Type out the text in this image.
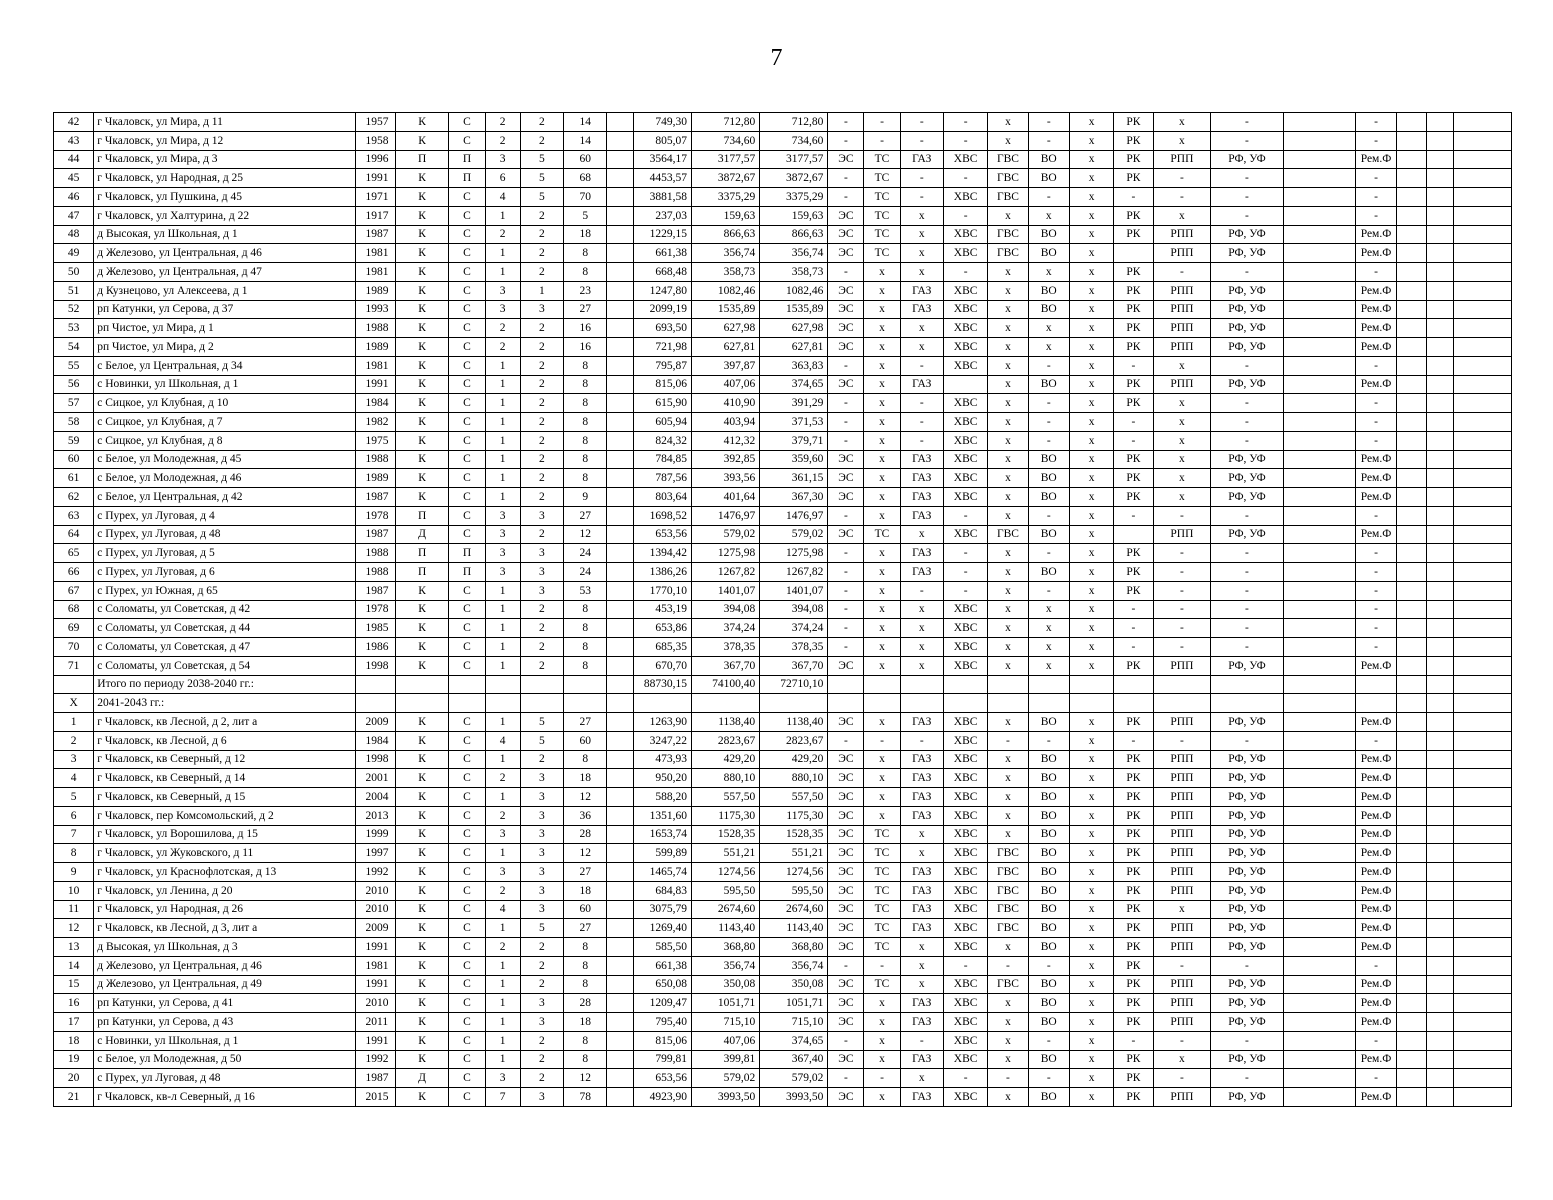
7
42	г Чкаловск, ул Мира, д 11	1957	К	С	2	2	14		749,30	712,80	712,80	-	-	-	-	х	-	х	РК	х	-		-			
43	г Чкаловск, ул Мира, д 12	1958	К	С	2	2	14		805,07	734,60	734,60	-	-	-	-	х	-	х	РК	х	-		-			
44	г Чкаловск, ул Мира, д 3	1996	П	П	3	5	60		3564,17	3177,57	3177,57	ЭС	ТС	ГАЗ	ХВС	ГВС	ВО	х	РК	РПП	РФ, УФ		Рем.Ф			
45	г Чкаловск, ул Народная, д 25	1991	К	П	6	5	68		4453,57	3872,67	3872,67	-	ТС	-	-	ГВС	ВО	х	РК	-	-		-			
46	г Чкаловск, ул Пушкина, д 45	1971	К	С	4	5	70		3881,58	3375,29	3375,29	-	ТС	-	ХВС	ГВС	-	х	-	-	-		-			
47	г Чкаловск, ул Халтурина, д 22	1917	К	С	1	2	5		237,03	159,63	159,63	ЭС	ТС	х	-	х	х	х	РК	х	-		-			
48	д Высокая, ул Школьная, д 1	1987	К	С	2	2	18		1229,15	866,63	866,63	ЭС	ТС	х	ХВС	ГВС	ВО	х	РК	РПП	РФ, УФ		Рем.Ф			
49	д Железово, ул Центральная, д 46	1981	К	С	1	2	8		661,38	356,74	356,74	ЭС	ТС	х	ХВС	ГВС	ВО	х		РПП	РФ, УФ		Рем.Ф			
50	д Железово, ул Центральная, д 47	1981	К	С	1	2	8		668,48	358,73	358,73	-	х	х	-	х	х	х	РК	-	-		-			
51	д Кузнецово, ул Алексеева, д 1	1989	К	С	3	1	23		1247,80	1082,46	1082,46	ЭС	х	ГАЗ	ХВС	х	ВО	х	РК	РПП	РФ, УФ		Рем.Ф			
52	рп Катунки, ул Серова, д 37	1993	К	С	3	3	27		2099,19	1535,89	1535,89	ЭС	х	ГАЗ	ХВС	х	ВО	х	РК	РПП	РФ, УФ		Рем.Ф			
53	рп Чистое, ул Мира, д 1	1988	К	С	2	2	16		693,50	627,98	627,98	ЭС	х	х	ХВС	х	х	х	РК	РПП	РФ, УФ		Рем.Ф			
54	рп Чистое, ул Мира, д 2	1989	К	С	2	2	16		721,98	627,81	627,81	ЭС	х	х	ХВС	х	х	х	РК	РПП	РФ, УФ		Рем.Ф			
55	с Белое, ул Центральная, д 34	1981	К	С	1	2	8		795,87	397,87	363,83	-	х	-	ХВС	х	-	х	-	х	-		-			
56	с Новинки, ул Школьная, д 1	1991	К	С	1	2	8		815,06	407,06	374,65	ЭС	х	ГАЗ		х	ВО	х	РК	РПП	РФ, УФ		Рем.Ф			
57	с Сицкое, ул Клубная, д 10	1984	К	С	1	2	8		615,90	410,90	391,29	-	х	-	ХВС	х	-	х	РК	х	-		-			
58	с Сицкое, ул Клубная, д 7	1982	К	С	1	2	8		605,94	403,94	371,53	-	х	-	ХВС	х	-	х	-	х	-		-			
59	с Сицкое, ул Клубная, д 8	1975	К	С	1	2	8		824,32	412,32	379,71	-	х	-	ХВС	х	-	х	-	х	-		-			
60	с Белое, ул Молодежная, д 45	1988	К	С	1	2	8		784,85	392,85	359,60	ЭС	х	ГАЗ	ХВС	х	ВО	х	РК	х	РФ, УФ		Рем.Ф			
61	с Белое, ул Молодежная, д 46	1989	К	С	1	2	8		787,56	393,56	361,15	ЭС	х	ГАЗ	ХВС	х	ВО	х	РК	х	РФ, УФ		Рем.Ф			
62	с Белое, ул Центральная, д 42	1987	К	С	1	2	9		803,64	401,64	367,30	ЭС	х	ГАЗ	ХВС	х	ВО	х	РК	х	РФ, УФ		Рем.Ф			
63	с Пурех, ул Луговая, д 4	1978	П	С	3	3	27		1698,52	1476,97	1476,97	-	х	ГАЗ	-	х	-	х	-	-	-		-			
64	с Пурех, ул Луговая, д 48	1987	Д	С	3	2	12		653,56	579,02	579,02	ЭС	ТС	х	ХВС	ГВС	ВО	х		РПП	РФ, УФ		Рем.Ф			
65	с Пурех, ул Луговая, д 5	1988	П	П	3	3	24		1394,42	1275,98	1275,98	-	х	ГАЗ	-	х	-	х	РК	-	-		-			
66	с Пурех, ул Луговая, д 6	1988	П	П	3	3	24		1386,26	1267,82	1267,82	-	х	ГАЗ	-	х	ВО	х	РК	-	-		-			
67	с Пурех, ул Южная, д 65	1987	К	С	1	3	53		1770,10	1401,07	1401,07	-	х	-	-	х	-	х	РК	-	-		-			
68	с Соломаты, ул Советская, д 42	1978	К	С	1	2	8		453,19	394,08	394,08	-	х	х	ХВС	х	х	х	-	-	-		-			
69	с Соломаты, ул Советская, д 44	1985	К	С	1	2	8		653,86	374,24	374,24	-	х	х	ХВС	х	х	х	-	-	-		-			
70	с Соломаты, ул Советская, д 47	1986	К	С	1	2	8		685,35	378,35	378,35	-	х	х	ХВС	х	х	х	-	-	-		-			
71	с Соломаты, ул Советская, д 54	1998	К	С	1	2	8		670,70	367,70	367,70	ЭС	х	х	ХВС	х	х	х	РК	РПП	РФ, УФ		Рем.Ф			
	Итого по периоду 2038-2040 гг.:								88730,15	74100,40	72710,10															
X	2041-2043 гг.:																									
1	г Чкаловск, кв Лесной, д 2, лит а	2009	К	С	1	5	27		1263,90	1138,40	1138,40	ЭС	х	ГАЗ	ХВС	х	ВО	х	РК	РПП	РФ, УФ		Рем.Ф			
2	г Чкаловск, кв Лесной, д 6	1984	К	С	4	5	60		3247,22	2823,67	2823,67	-	-	-	ХВС	-	-	х	-	-	-		-			
3	г Чкаловск, кв Северный, д 12	1998	К	С	1	2	8		473,93	429,20	429,20	ЭС	х	ГАЗ	ХВС	х	ВО	х	РК	РПП	РФ, УФ		Рем.Ф			
4	г Чкаловск, кв Северный, д 14	2001	К	С	2	3	18		950,20	880,10	880,10	ЭС	х	ГАЗ	ХВС	х	ВО	х	РК	РПП	РФ, УФ		Рем.Ф			
5	г Чкаловск, кв Северный, д 15	2004	К	С	1	3	12		588,20	557,50	557,50	ЭС	х	ГАЗ	ХВС	х	ВО	х	РК	РПП	РФ, УФ		Рем.Ф			
6	г Чкаловск, пер Комсомольский, д 2	2013	К	С	2	3	36		1351,60	1175,30	1175,30	ЭС	х	ГАЗ	ХВС	х	ВО	х	РК	РПП	РФ, УФ		Рем.Ф			
7	г Чкаловск, ул Ворошилова, д 15	1999	К	С	3	3	28		1653,74	1528,35	1528,35	ЭС	ТС	х	ХВС	х	ВО	х	РК	РПП	РФ, УФ		Рем.Ф			
8	г Чкаловск, ул Жуковского, д 11	1997	К	С	1	3	12		599,89	551,21	551,21	ЭС	ТС	х	ХВС	ГВС	ВО	х	РК	РПП	РФ, УФ		Рем.Ф			
9	г Чкаловск, ул Краснофлотская, д 13	1992	К	С	3	3	27		1465,74	1274,56	1274,56	ЭС	ТС	ГАЗ	ХВС	ГВС	ВО	х	РК	РПП	РФ, УФ		Рем.Ф			
10	г Чкаловск, ул Ленина, д 20	2010	К	С	2	3	18		684,83	595,50	595,50	ЭС	ТС	ГАЗ	ХВС	ГВС	ВО	х	РК	РПП	РФ, УФ		Рем.Ф			
11	г Чкаловск, ул Народная, д 26	2010	К	С	4	3	60		3075,79	2674,60	2674,60	ЭС	ТС	ГАЗ	ХВС	ГВС	ВО	х	РК	х	РФ, УФ		Рем.Ф			
12	г Чкаловск, кв Лесной, д 3, лит а	2009	К	С	1	5	27		1269,40	1143,40	1143,40	ЭС	ТС	ГАЗ	ХВС	ГВС	ВО	х	РК	РПП	РФ, УФ		Рем.Ф			
13	д Высокая, ул Школьная, д 3	1991	К	С	2	2	8		585,50	368,80	368,80	ЭС	ТС	х	ХВС	х	ВО	х	РК	РПП	РФ, УФ		Рем.Ф			
14	д Железово, ул Центральная, д 46	1981	К	С	1	2	8		661,38	356,74	356,74	-	-	х	-	-	-	х	РК	-	-		-			
15	д Железово, ул Центральная, д 49	1991	К	С	1	2	8		650,08	350,08	350,08	ЭС	ТС	х	ХВС	ГВС	ВО	х	РК	РПП	РФ, УФ		Рем.Ф			
16	рп Катунки, ул Серова, д 41	2010	К	С	1	3	28		1209,47	1051,71	1051,71	ЭС	х	ГАЗ	ХВС	х	ВО	х	РК	РПП	РФ, УФ		Рем.Ф			
17	рп Катунки, ул Серова, д 43	2011	К	С	1	3	18		795,40	715,10	715,10	ЭС	х	ГАЗ	ХВС	х	ВО	х	РК	РПП	РФ, УФ		Рем.Ф			
18	с Новинки, ул Школьная, д 1	1991	К	С	1	2	8		815,06	407,06	374,65	-	х	-	ХВС	х	-	х	-	-	-		-			
19	с Белое, ул Молодежная, д 50	1992	К	С	1	2	8		799,81	399,81	367,40	ЭС	х	ГАЗ	ХВС	х	ВО	х	РК	х	РФ, УФ		Рем.Ф			
20	с Пурех, ул Луговая, д 48	1987	Д	С	3	2	12		653,56	579,02	579,02	-	-	х	-	-	-	х	РК	-	-		-			
21	г Чкаловск, кв-л Северный, д 16	2015	К	С	7	3	78		4923,90	3993,50	3993,50	ЭС	х	ГАЗ	ХВС	х	ВО	х	РК	РПП	РФ, УФ		Рем.Ф			
